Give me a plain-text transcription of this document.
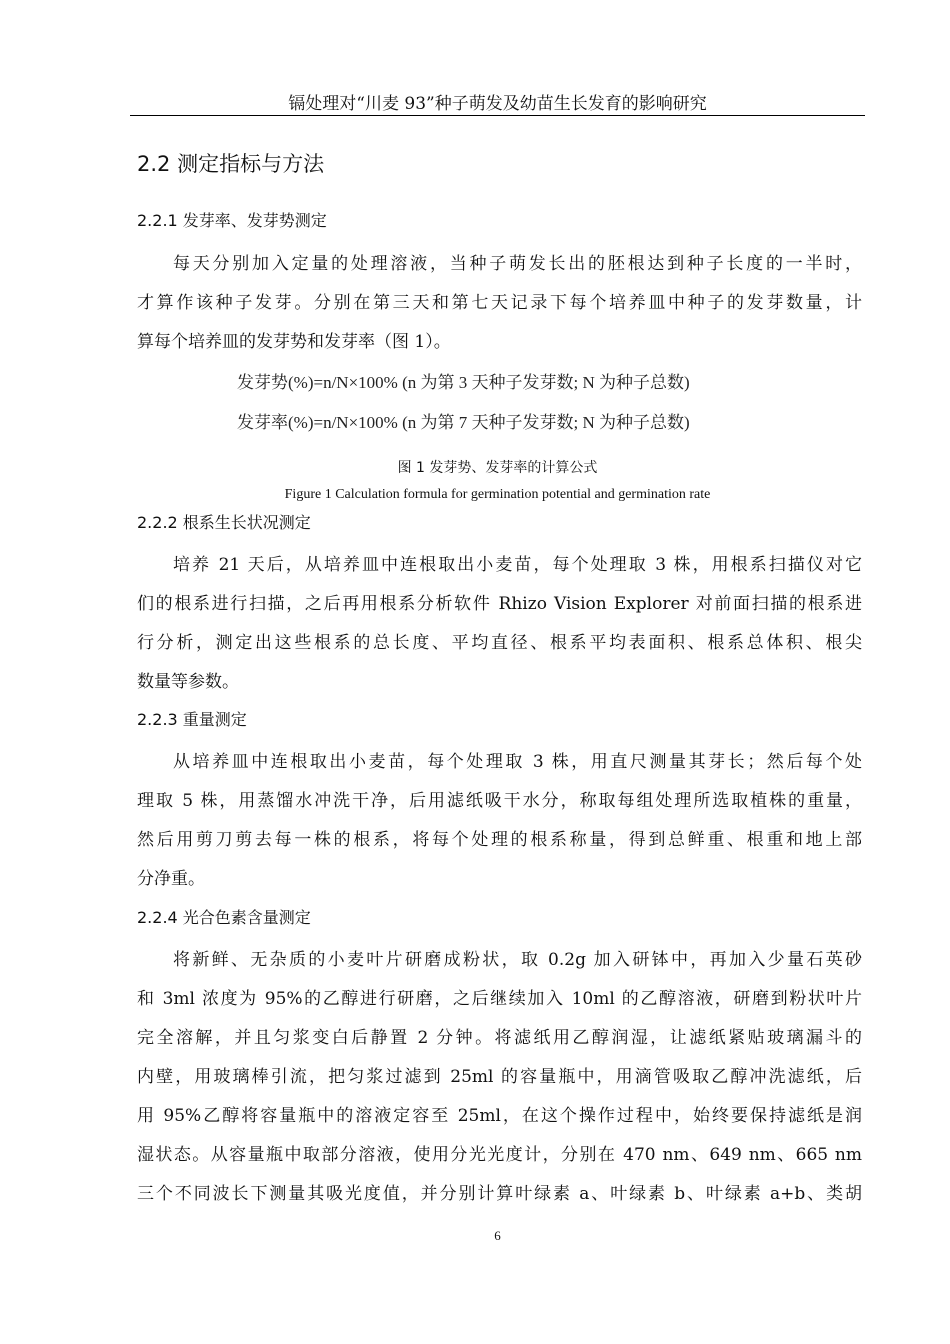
镉处理对“川麦 93”种子萌发及幼苗生长发育的影响研究
2.2 测定指标与方法
2.2.1 发芽率、发芽势测定
每天分别加入定量的处理溶液，当种子萌发长出的胚根达到种子长度的一半时，
才算作该种子发芽。分别在第三天和第七天记录下每个培养皿中种子的发芽数量，计
算每个培养皿的发芽势和发芽率（图 1）。
发芽势(%)=n/N×100% (n 为第 3 天种子发芽数; N 为种子总数)
发芽率(%)=n/N×100% (n 为第 7 天种子发芽数; N 为种子总数)
图 1 发芽势、发芽率的计算公式
Figure 1 Calculation formula for germination potential and germination rate
2.2.2 根系生长状况测定
培养 21 天后，从培养皿中连根取出小麦苗，每个处理取 3 株，用根系扫描仪对它
们的根系进行扫描，之后再用根系分析软件 Rhizo Vision Explorer 对前面扫描的根系进
行分析，测定出这些根系的总长度、平均直径、根系平均表面积、根系总体积、根尖
数量等参数。
2.2.3 重量测定
从培养皿中连根取出小麦苗，每个处理取 3 株，用直尺测量其芽长；然后每个处
理取 5 株，用蒸馏水冲洗干净，后用滤纸吸干水分，称取每组处理所选取植株的重量，
然后用剪刀剪去每一株的根系，将每个处理的根系称量，得到总鲜重、根重和地上部
分净重。
2.2.4 光合色素含量测定
将新鲜、无杂质的小麦叶片研磨成粉状，取 0.2g 加入研钵中，再加入少量石英砂
和 3ml 浓度为 95%的乙醇进行研磨，之后继续加入 10ml 的乙醇溶液，研磨到粉状叶片
完全溶解，并且匀浆变白后静置 2 分钟。将滤纸用乙醇润湿，让滤纸紧贴玻璃漏斗的
内壁，用玻璃棒引流，把匀浆过滤到 25ml 的容量瓶中，用滴管吸取乙醇冲洗滤纸，后
用 95%乙醇将容量瓶中的溶液定容至 25ml，在这个操作过程中，始终要保持滤纸是润
湿状态。从容量瓶中取部分溶液，使用分光光度计，分别在 470 nm、649 nm、665 nm
三个不同波长下测量其吸光度值，并分别计算叶绿素 a、叶绿素 b、叶绿素 a+b、类胡
6
